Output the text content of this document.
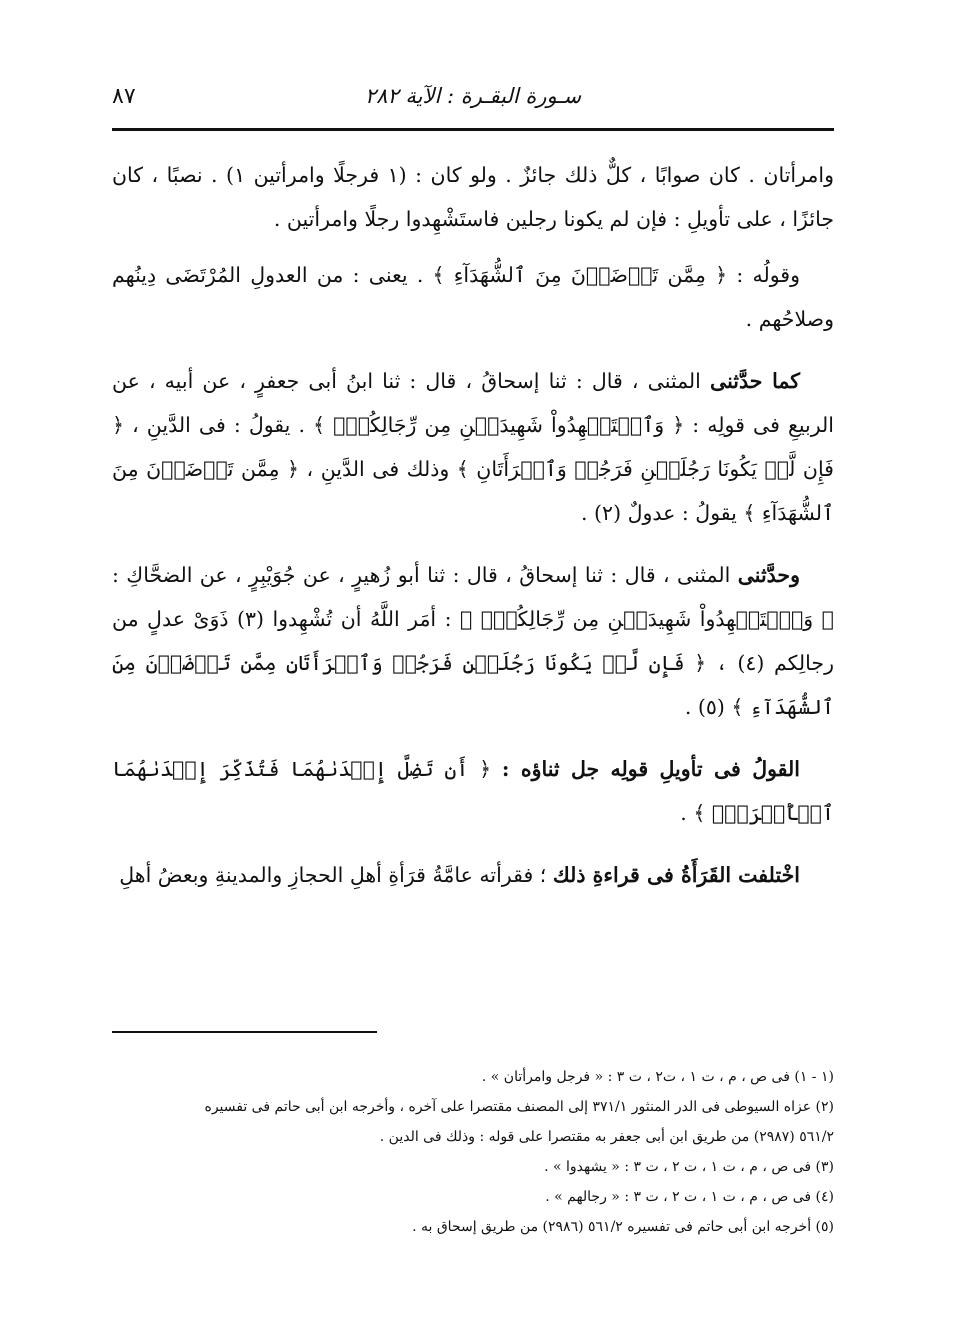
سـورة البقـرة : الآية ٢٨٢
٨٧

وامرأتان . كان صوابًا ، كلٌّ ذلك جائزٌ . ولو كان : (١ فرجلًا وامرأتين ١) . نصبًا ، كان جائزًا ، على تأويلِ : فإن لم يكونا رجلين فاستَشْهِدوا رجلًا وامرأتين .

وقولُه : ﴿ مِمَّن تَرۡضَوۡنَ مِنَ ٱلشُّهَدَآءِ ﴾ . يعنى : من العدولِ المُرْتَضَى دِينُهم وصلاحُهم .

كما حدَّثنى المثنى ، قال : ثنا إسحاقُ ، قال : ثنا ابنُ أبى جعفرٍ ، عن أبيه ، عن الربيعِ فى قولِه : ﴿ وَٱسۡتَشۡهِدُواْ شَهِيدَيۡنِ مِن رِّجَالِكُمۡۖ ﴾ . يقولُ : فى الدَّينِ ، ﴿ فَإِن لَّمۡ يَكُونَا رَجُلَيۡنِ فَرَجُلٞ وَٱمۡرَأَتَانِ ﴾ وذلك فى الدَّينِ ، ﴿ مِمَّن تَرۡضَوۡنَ مِنَ ٱلشُّهَدَآءِ ﴾ يقولُ : عدولٌ (٢) .

وحدَّثنى المثنى ، قال : ثنا إسحاقُ ، قال : ثنا أبو زُهيرٍ ، عن جُوَيْبِرٍ ، عن الضحَّاكِ : ﴿ وَٱسۡتَشۡهِدُواْ شَهِيدَيۡنِ مِن رِّجَالِكُمۡۖ ﴾ : أمَر اللَّهُ أن تُشْهِدوا (٣) ذَوَىْ عدلٍ من رجالِكم (٤) ، ﴿ فَإِن لَّمۡ يَكُونَا رَجُلَيۡنِ فَرَجُلٞ وَٱمۡرَأَتَانِ مِمَّن تَرۡضَوۡنَ مِنَ ٱلشُّهَدَآءِ ﴾ (٥) .

القولُ فى تأويلِ قولِه جل ثناؤه : ﴿ أَن تَضِلَّ إِحۡدَىٰهُمَا فَتُذَكِّرَ إِحۡدَىٰهُمَا ٱلۡأُخۡرَىٰۚ ﴾ .

اخْتلفت القَرَأَةُ فى قراءةِ ذلك ؛ فقرأته عامَّةُ قرَأةِ أهلِ الحجازِ والمدينةِ وبعضُ أهلِ

(١ - ١) فى ص ، م ، ت ١ ، ت٢ ، ت ٣ : « فرجل وامرأتان » .
(٢) عزاه السيوطى فى الدر المنثور ٣٧١/١ إلى المصنف مقتصرا على آخره ، وأخرجه ابن أبى حاتم فى تفسيره
٥٦١/٢ (٢٩٨٧) من طريق ابن أبى جعفر به مقتصرا على قوله : وذلك فى الدين .
(٣) فى ص ، م ، ت ١ ، ت ٢ ، ت ٣ : « يشهدوا » .
(٤) فى ص ، م ، ت ١ ، ت ٢ ، ت ٣ : « رجالهم » .
(٥) أخرجه ابن أبى حاتم فى تفسيره ٥٦١/٢ (٢٩٨٦) من طريق إسحاق به .
